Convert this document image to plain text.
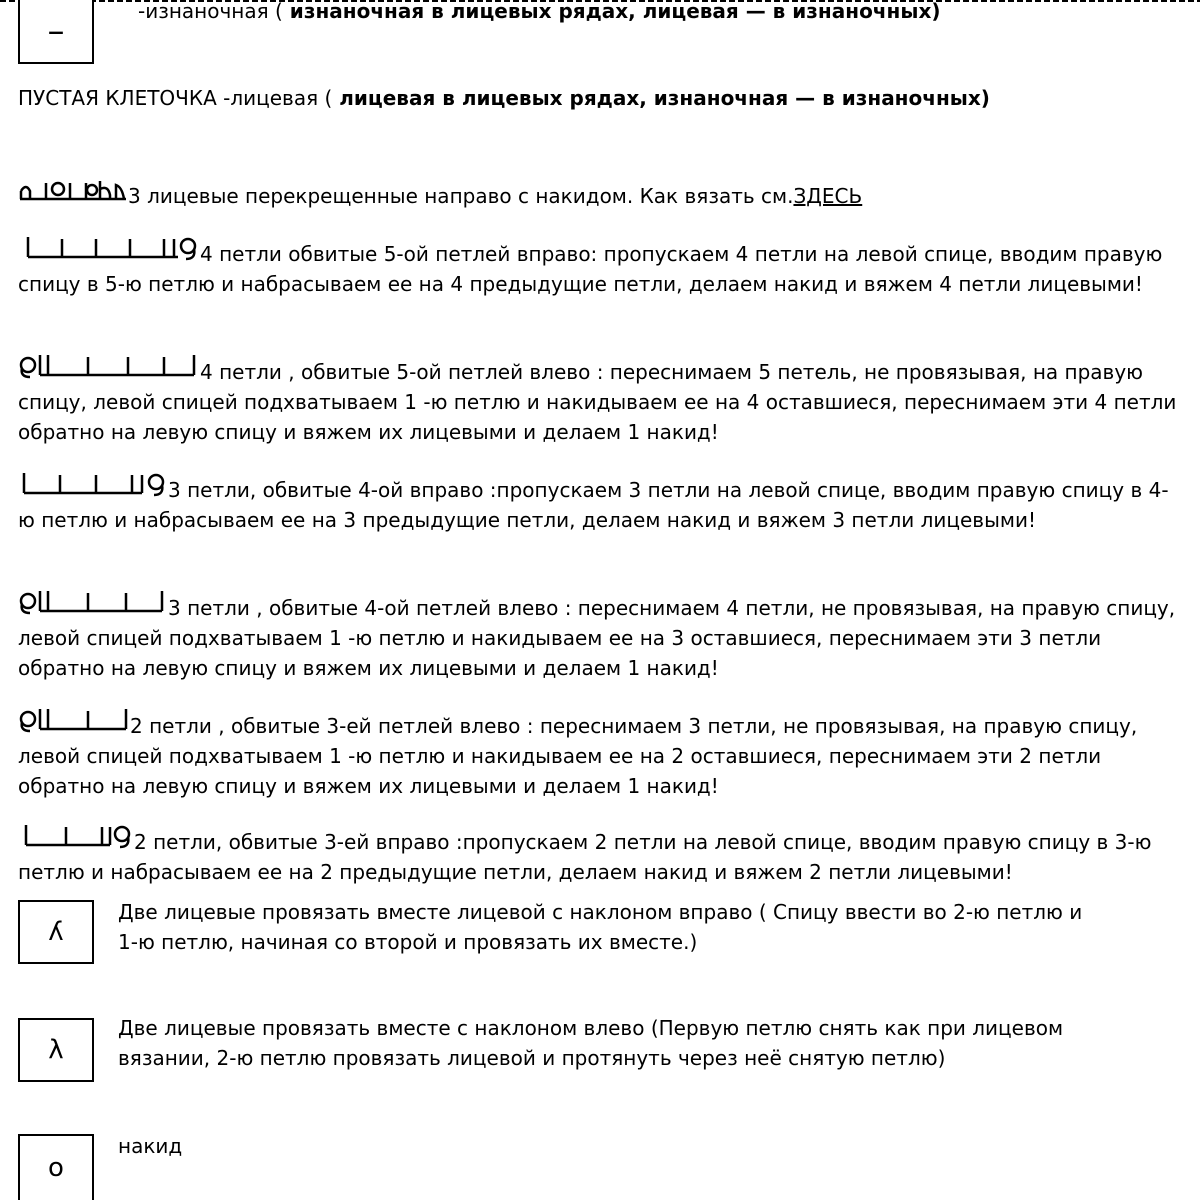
–	-изнаночная ( изнаночная в лицевых рядах, лицевая — в изнаночных)
ПУСТАЯ КЛЕТОЧКА -лицевая ( лицевая в лицевых рядах, изнаночная — в изнаночных)
3 лицевые перекрещенные направо с накидом. Как вязать см.ЗДЕСЬ
4 петли обвитые 5-ой петлей вправо: пропускаем 4 петли на левой спице, вводим правую спицу в 5-ю петлю и набрасываем ее на 4 предыдущие петли, делаем накид и вяжем 4 петли лицевыми!
4 петли , обвитые 5-ой петлей влево : переснимаем 5 петель, не провязывая, на правую спицу, левой спицей подхватываем 1 -ю петлю и накидываем ее на 4 оставшиеся, переснимаем эти 4 петли обратно на левую спицу и вяжем их лицевыми и делаем 1 накид!
3 петли, обвитые 4-ой вправо :пропускаем 3 петли на левой спице, вводим правую спицу в 4-ю петлю и набрасываем ее на 3 предыдущие петли, делаем накид и вяжем 3 петли лицевыми!
3 петли , обвитые 4-ой петлей влево : переснимаем 4 петли, не провязывая, на правую спицу, левой спицей подхватываем 1 -ю петлю и накидываем ее на 3 оставшиеся, переснимаем эти 3 петли обратно на левую спицу и вяжем их лицевыми и делаем 1 накид!
2 петли , обвитые 3-ей петлей влево : переснимаем 3 петли, не провязывая, на правую спицу, левой спицей подхватываем 1 -ю петлю и накидываем ее на 2 оставшиеся, переснимаем эти 2 петли обратно на левую спицу и вяжем их лицевыми и делаем 1 накид!
2 петли, обвитые 3-ей вправо :пропускаем 2 петли на левой спице, вводим правую спицу в 3-ю петлю и набрасываем ее на 2 предыдущие петли, делаем накид и вяжем 2 петли лицевыми!
ʎ
Две лицевые провязать вместе лицевой с наклоном вправо ( Спицу ввести во 2-ю петлю и
1-ю петлю, начиная со второй и провязать их вместе.)
λ
Две лицевые провязать вместе с наклоном влево (Первую петлю снять как при лицевом
вязании, 2-ю петлю провязать лицевой и протянуть через неё снятую петлю)
о
накид
